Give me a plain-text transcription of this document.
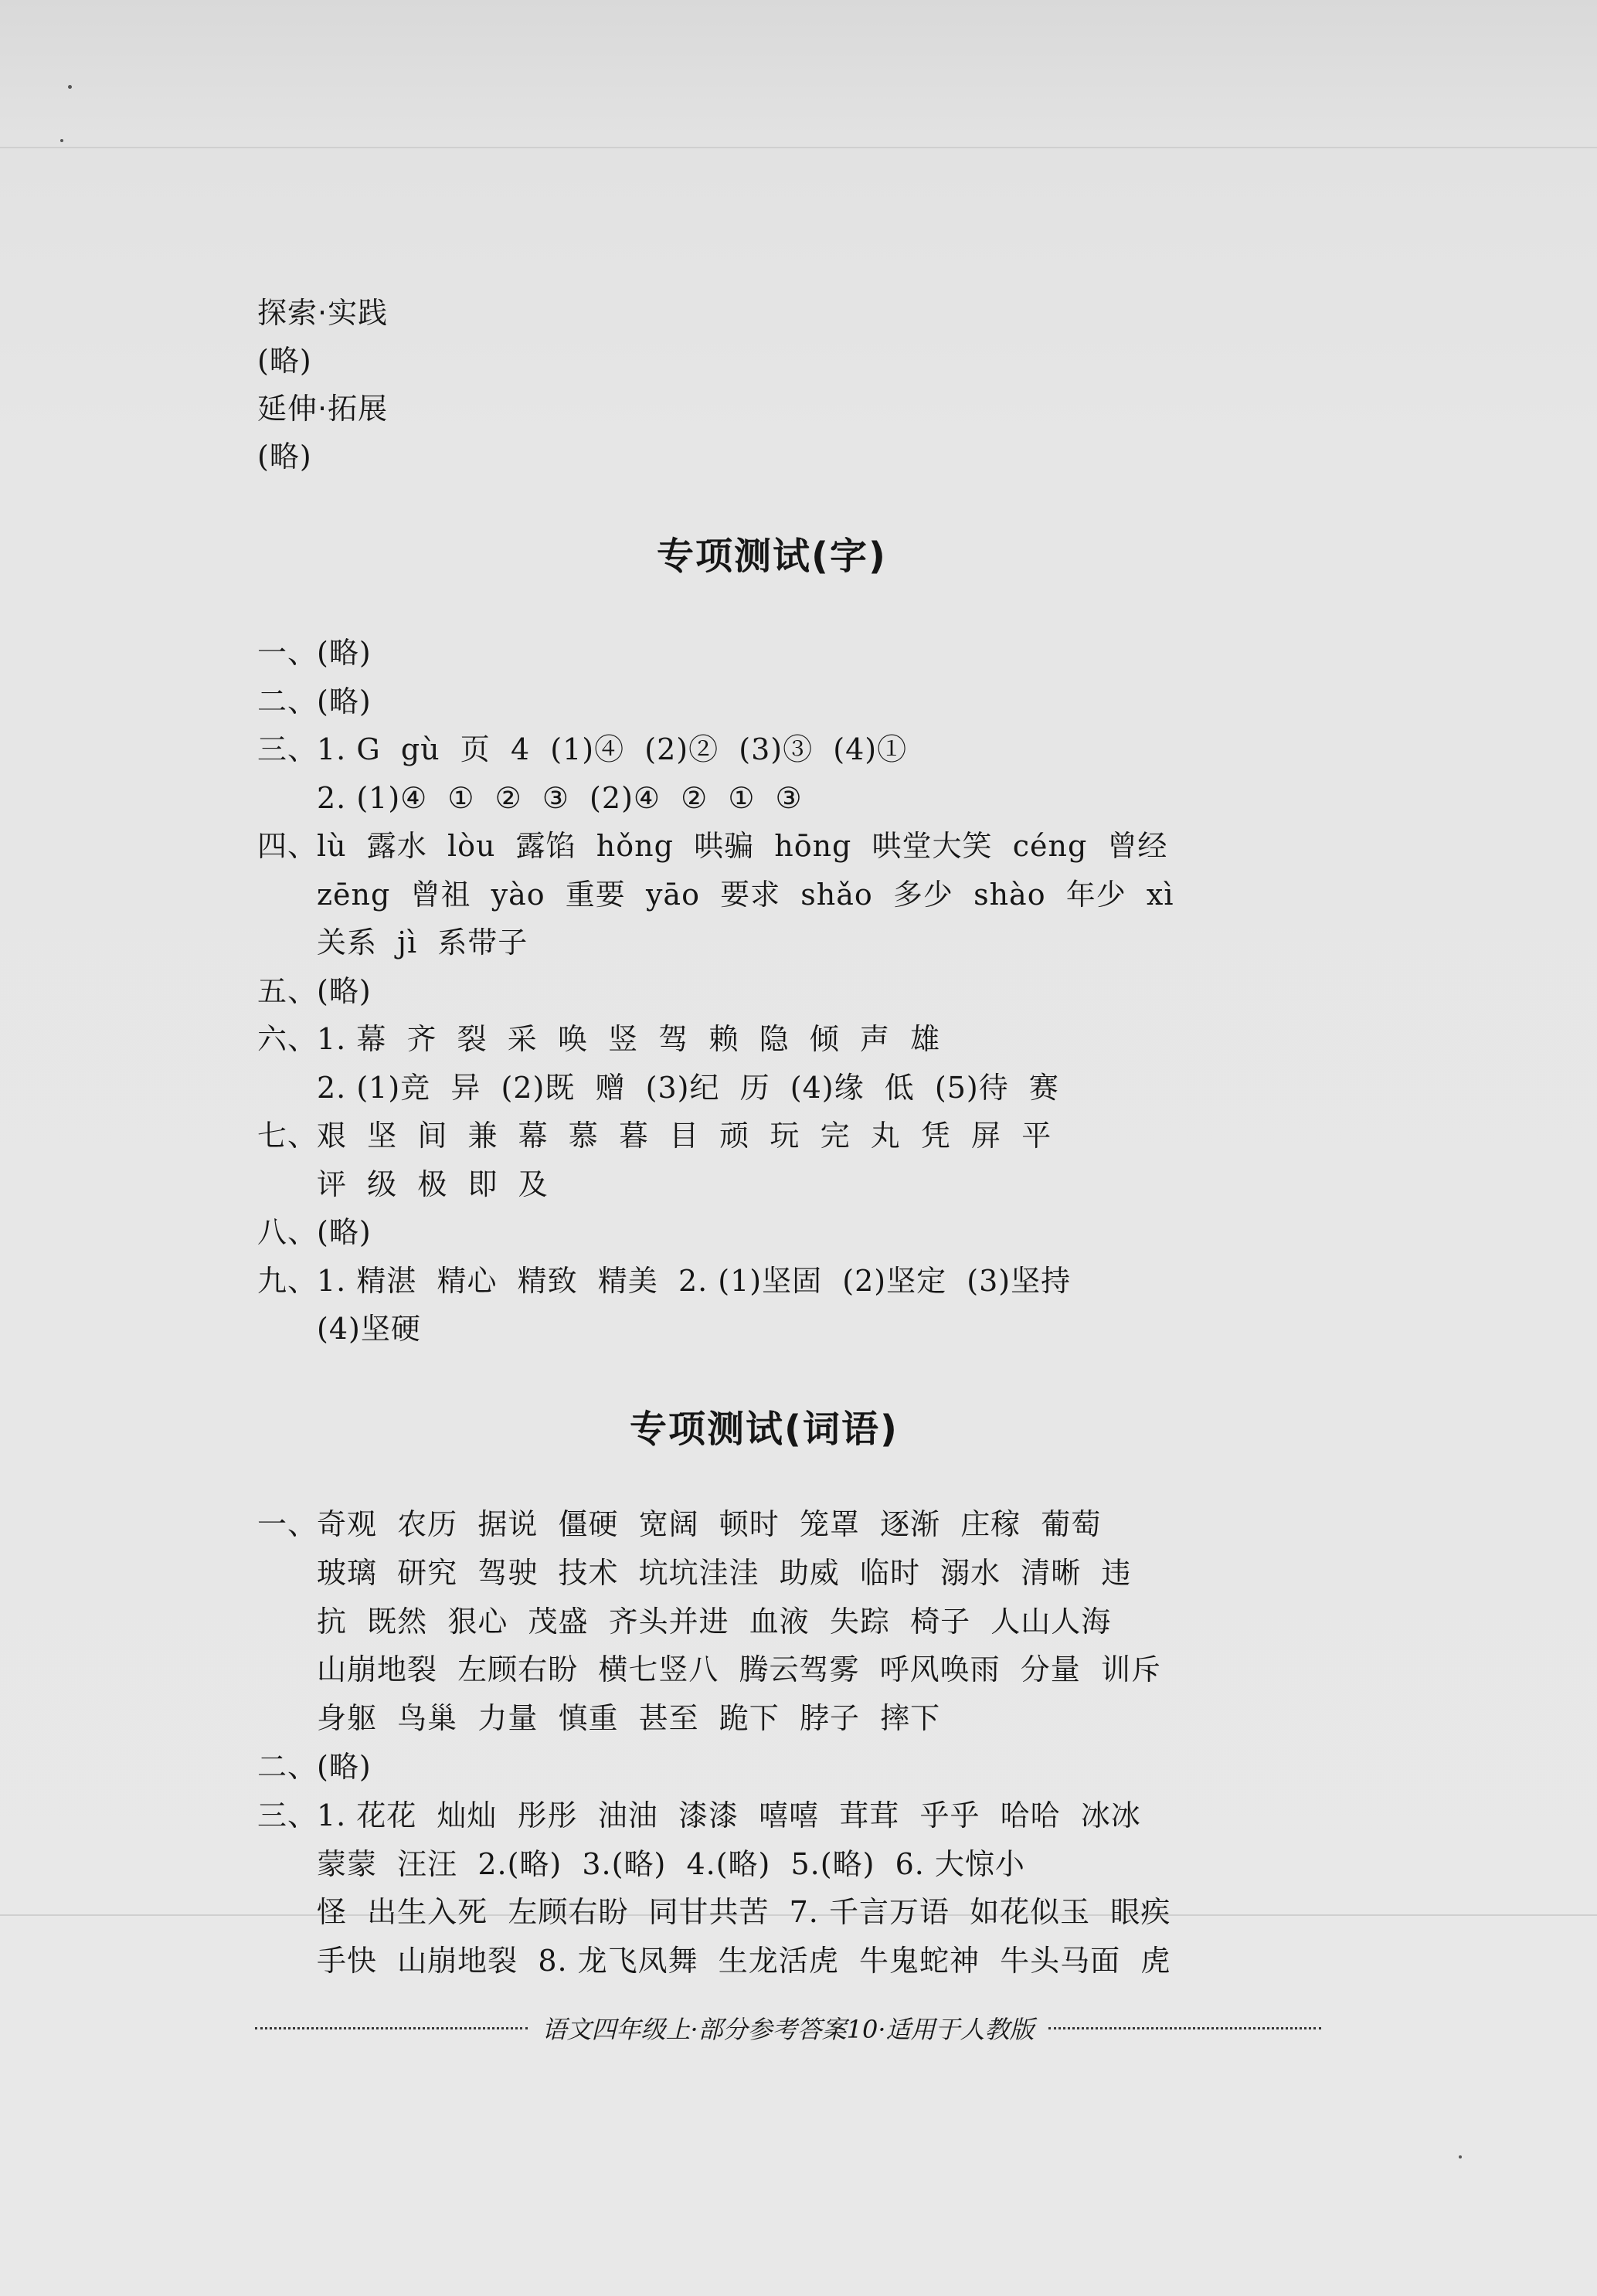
探索·实践
(略)
延伸·拓展
(略)
专项测试(字)
一、
(略)
二、
(略)
三、
1. G  gù  页  4  (1)④  (2)②  (3)③  (4)①
2. (1)④  ①  ②  ③  (2)④  ②  ①  ③
四、
lù  露水  lòu  露馅  hǒng  哄骗  hōng  哄堂大笑  céng  曾经
zēng  曾祖  yào  重要  yāo  要求  shǎo  多少  shào  年少  xì
关系  jì  系带子
五、
(略)
六、
1. 幕  齐  裂  采  唤  竖  驾  赖  隐  倾  声  雄
2. (1)竞  异  (2)既  赠  (3)纪  历  (4)缘  低  (5)待  赛
七、
艰  坚  间  兼  幕  慕  暮  目  顽  玩  完  丸  凭  屏  平
评  级  极  即  及
八、
(略)
九、
1. 精湛  精心  精致  精美  2. (1)坚固  (2)坚定  (3)坚持
(4)坚硬
专项测试(词语)
一、
奇观  农历  据说  僵硬  宽阔  顿时  笼罩  逐渐  庄稼  葡萄
玻璃  研究  驾驶  技术  坑坑洼洼  助威  临时  溺水  清晰  违
抗  既然  狠心  茂盛  齐头并进  血液  失踪  椅子  人山人海
山崩地裂  左顾右盼  横七竖八  腾云驾雾  呼风唤雨  分量  训斥
身躯  鸟巢  力量  慎重  甚至  跪下  脖子  摔下
二、
(略)
三、
1. 花花  灿灿  彤彤  油油  漆漆  嘻嘻  茸茸  乎乎  哈哈  冰冰
蒙蒙  汪汪  2.(略)  3.(略)  4.(略)  5.(略)  6. 大惊小
怪  出生入死  左顾右盼  同甘共苦  7. 千言万语  如花似玉  眼疾
手快  山崩地裂  8. 龙飞凤舞  生龙活虎  牛鬼蛇神  牛头马面  虎
语文四年级上·部分参考答案10·适用于人教版
